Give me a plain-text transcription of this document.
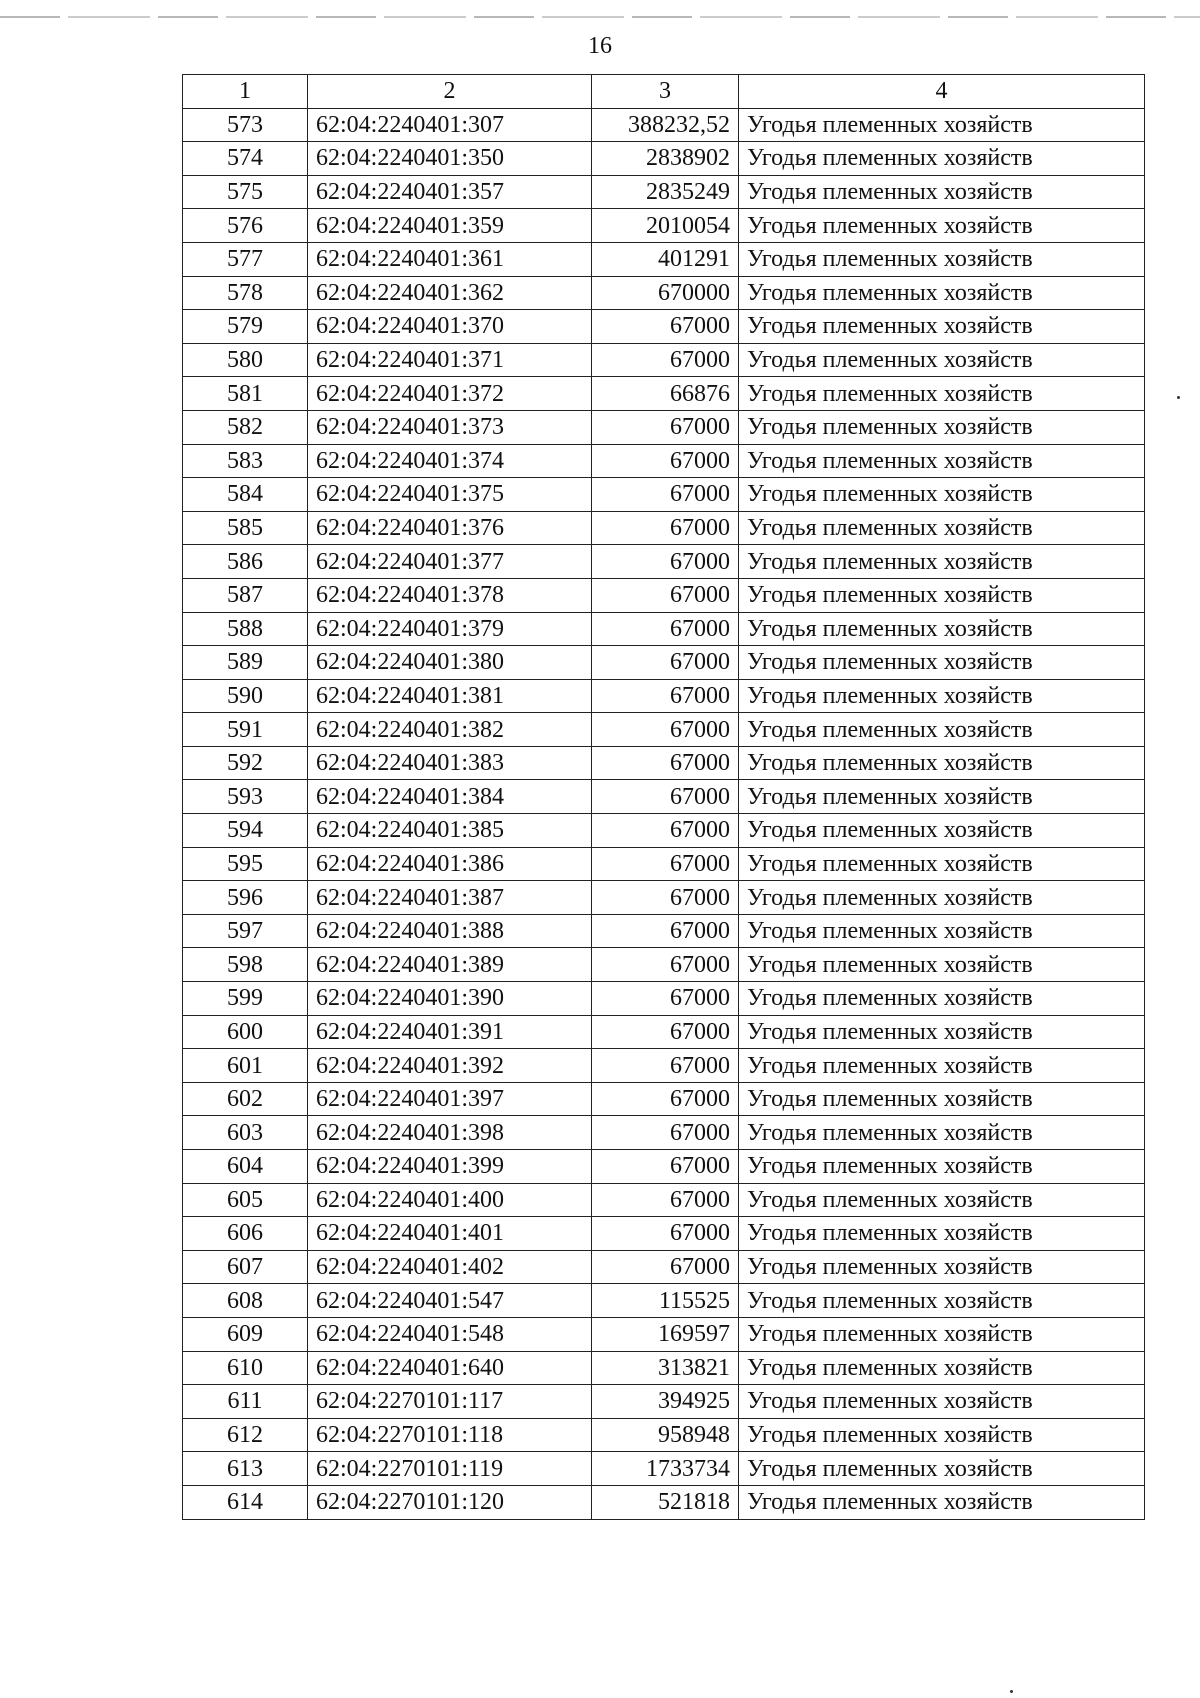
16
1	2	3	4
573	62:04:2240401:307	388232,52	Угодья племенных хозяйств
574	62:04:2240401:350	2838902	Угодья племенных хозяйств
575	62:04:2240401:357	2835249	Угодья племенных хозяйств
576	62:04:2240401:359	2010054	Угодья племенных хозяйств
577	62:04:2240401:361	401291	Угодья племенных хозяйств
578	62:04:2240401:362	670000	Угодья племенных хозяйств
579	62:04:2240401:370	67000	Угодья племенных хозяйств
580	62:04:2240401:371	67000	Угодья племенных хозяйств
581	62:04:2240401:372	66876	Угодья племенных хозяйств
582	62:04:2240401:373	67000	Угодья племенных хозяйств
583	62:04:2240401:374	67000	Угодья племенных хозяйств
584	62:04:2240401:375	67000	Угодья племенных хозяйств
585	62:04:2240401:376	67000	Угодья племенных хозяйств
586	62:04:2240401:377	67000	Угодья племенных хозяйств
587	62:04:2240401:378	67000	Угодья племенных хозяйств
588	62:04:2240401:379	67000	Угодья племенных хозяйств
589	62:04:2240401:380	67000	Угодья племенных хозяйств
590	62:04:2240401:381	67000	Угодья племенных хозяйств
591	62:04:2240401:382	67000	Угодья племенных хозяйств
592	62:04:2240401:383	67000	Угодья племенных хозяйств
593	62:04:2240401:384	67000	Угодья племенных хозяйств
594	62:04:2240401:385	67000	Угодья племенных хозяйств
595	62:04:2240401:386	67000	Угодья племенных хозяйств
596	62:04:2240401:387	67000	Угодья племенных хозяйств
597	62:04:2240401:388	67000	Угодья племенных хозяйств
598	62:04:2240401:389	67000	Угодья племенных хозяйств
599	62:04:2240401:390	67000	Угодья племенных хозяйств
600	62:04:2240401:391	67000	Угодья племенных хозяйств
601	62:04:2240401:392	67000	Угодья племенных хозяйств
602	62:04:2240401:397	67000	Угодья племенных хозяйств
603	62:04:2240401:398	67000	Угодья племенных хозяйств
604	62:04:2240401:399	67000	Угодья племенных хозяйств
605	62:04:2240401:400	67000	Угодья племенных хозяйств
606	62:04:2240401:401	67000	Угодья племенных хозяйств
607	62:04:2240401:402	67000	Угодья племенных хозяйств
608	62:04:2240401:547	115525	Угодья племенных хозяйств
609	62:04:2240401:548	169597	Угодья племенных хозяйств
610	62:04:2240401:640	313821	Угодья племенных хозяйств
611	62:04:2270101:117	394925	Угодья племенных хозяйств
612	62:04:2270101:118	958948	Угодья племенных хозяйств
613	62:04:2270101:119	1733734	Угодья племенных хозяйств
614	62:04:2270101:120	521818	Угодья племенных хозяйств
